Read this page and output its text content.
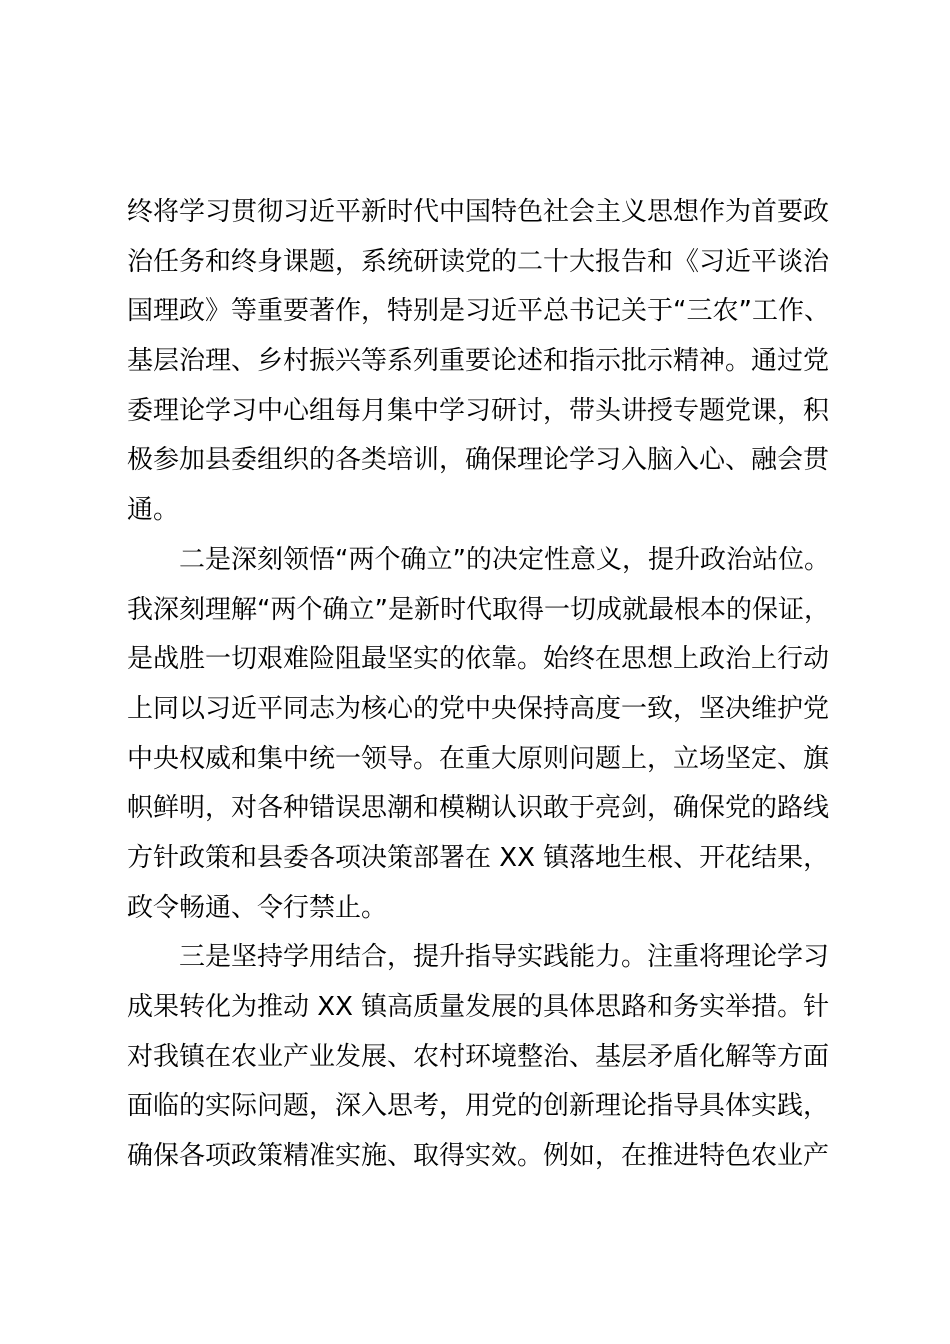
终将学习贯彻习近平新时代中国特色社会主义思想作为首要政
治任务和终身课题，系统研读党的二十大报告和《习近平谈治
国理政》等重要著作，特别是习近平总书记关于“三农”工作、
基层治理、乡村振兴等系列重要论述和指示批示精神。通过党
委理论学习中心组每月集中学习研讨，带头讲授专题党课，积
极参加县委组织的各类培训，确保理论学习入脑入心、融会贯
通。
二是深刻领悟“两个确立”的决定性意义，提升政治站位。
我深刻理解“两个确立”是新时代取得一切成就最根本的保证，
是战胜一切艰难险阻最坚实的依靠。始终在思想上政治上行动
上同以习近平同志为核心的党中央保持高度一致，坚决维护党
中央权威和集中统一领导。在重大原则问题上，立场坚定、旗
帜鲜明，对各种错误思潮和模糊认识敢于亮剑，确保党的路线
方针政策和县委各项决策部署在 XX 镇落地生根、开花结果，
政令畅通、令行禁止。
三是坚持学用结合，提升指导实践能力。注重将理论学习
成果转化为推动 XX 镇高质量发展的具体思路和务实举措。针
对我镇在农业产业发展、农村环境整治、基层矛盾化解等方面
面临的实际问题，深入思考，用党的创新理论指导具体实践，
确保各项政策精准实施、取得实效。例如，在推进特色农业产
